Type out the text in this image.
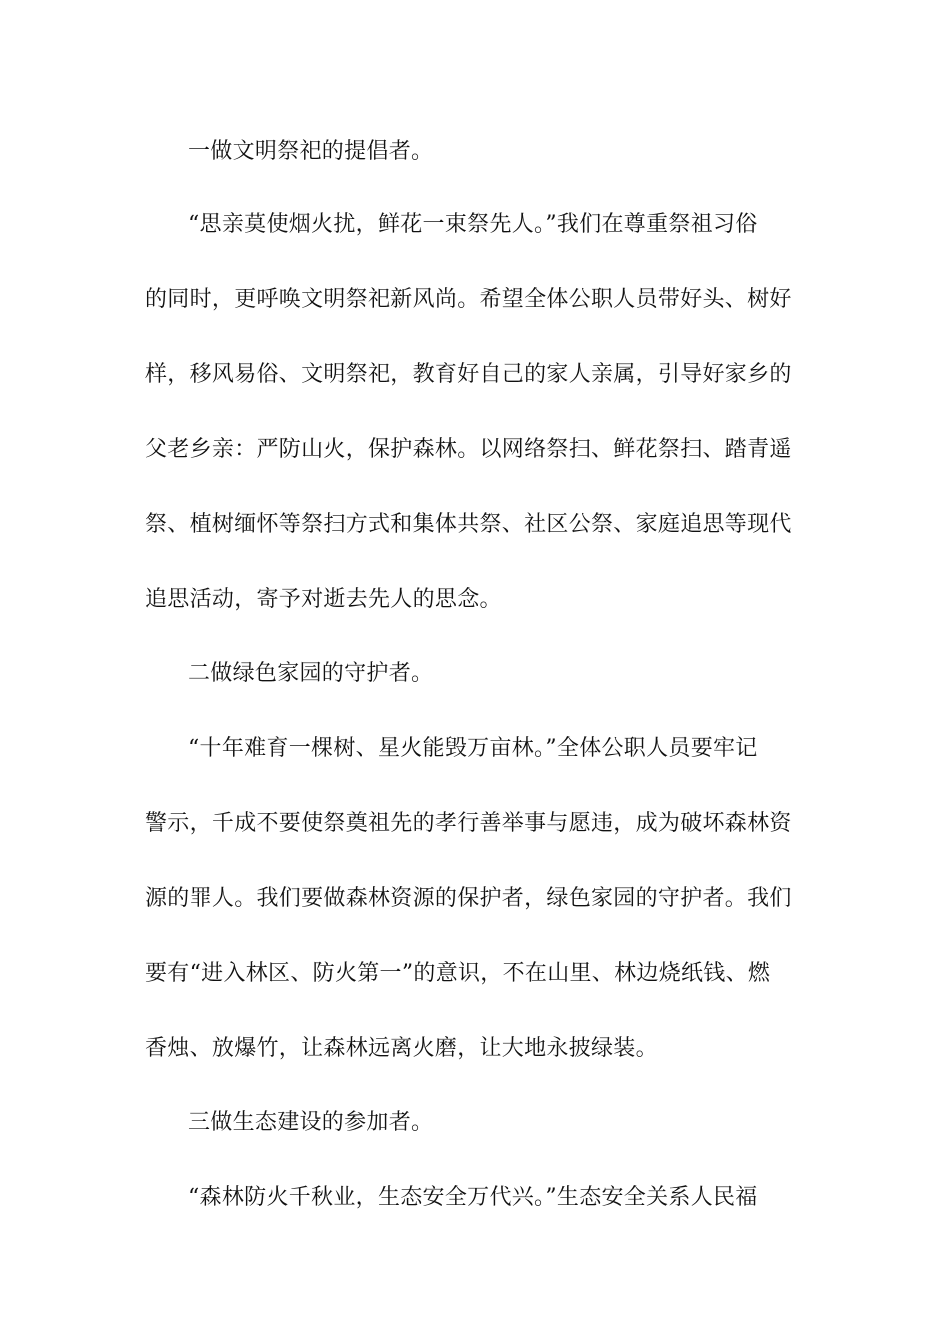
一做文明祭祀的提倡者。
“思亲莫使烟火扰，鲜花一束祭先人。”我们在尊重祭祖习俗
的同时，更呼唤文明祭祀新风尚。希望全体公职人员带好头、树好
样，移风易俗、文明祭祀，教育好自己的家人亲属，引导好家乡的
父老乡亲：严防山火，保护森林。以网络祭扫、鲜花祭扫、踏青遥
祭、植树缅怀等祭扫方式和集体共祭、社区公祭、家庭追思等现代
追思活动，寄予对逝去先人的思念。
二做绿色家园的守护者。
“十年难育一棵树、星火能毁万亩林。”全体公职人员要牢记
警示，千成不要使祭奠祖先的孝行善举事与愿违，成为破坏森林资
源的罪人。我们要做森林资源的保护者，绿色家园的守护者。我们
要有“进入林区、防火第一”的意识，不在山里、林边烧纸钱、燃
香烛、放爆竹，让森林远离火磨，让大地永披绿装。
三做生态建设的参加者。
“森林防火千秋业，生态安全万代兴。”生态安全关系人民福
